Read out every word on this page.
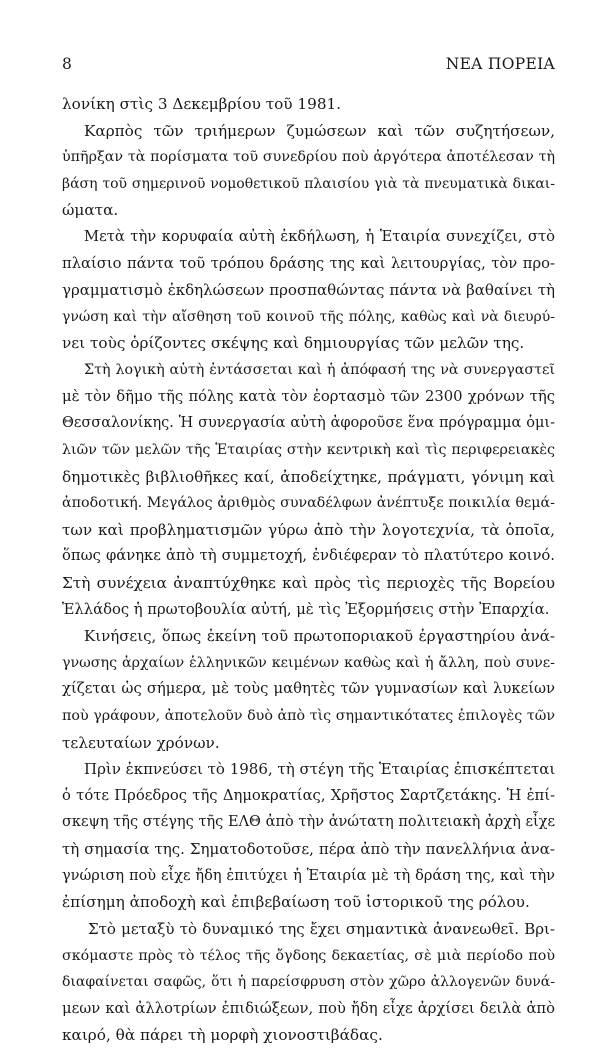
8	ΝΕΑ ΠΟΡΕΙΑ
λονίκη στὶς 3 Δεκεμβρίου τοῦ 1981.
Καρπὸς τῶν τριήμερων ζυμώσεων καὶ τῶν συζητήσεων,
ὑπῆρξαν τὰ πορίσματα τοῦ συνεδρίου ποὺ ἀργότερα ἀποτέλεσαν τὴ
βάση τοῦ σημερινοῦ νομοθετικοῦ πλαισίου γιὰ τὰ πνευματικὰ δικαι-
ώματα.
Μετὰ τὴν κορυφαία αὐτὴ ἐκδήλωση, ἡ Ἑταιρία συνεχίζει, στὸ
πλαίσιο πάντα τοῦ τρόπου δράσης της καὶ λειτουργίας, τὸν προ-
γραμματισμὸ ἐκδηλώσεων προσπαθώντας πάντα νὰ βαθαίνει τὴ
γνώση καὶ τὴν αἴσθηση τοῦ κοινοῦ τῆς πόλης, καθὼς καὶ νὰ διευρύ-
νει τοὺς ὁρίζοντες σκέψης καὶ δημιουργίας τῶν μελῶν της.
Στὴ λογικὴ αὐτὴ ἐντάσσεται καὶ ἡ ἀπόφασή της νὰ συνεργαστεῖ
μὲ τὸν δῆμο τῆς πόλης κατὰ τὸν ἑορτασμὸ τῶν 2300 χρόνων τῆς
Θεσσαλονίκης. Ἡ συνεργασία αὐτὴ ἀφοροῦσε ἕνα πρόγραμμα ὁμι-
λιῶν τῶν μελῶν τῆς Ἑταιρίας στὴν κεντρικὴ καὶ τὶς περιφερειακὲς
δημοτικὲς βιβλιοθῆκες καί, ἀποδείχτηκε, πράγματι, γόνιμη καὶ
ἀποδοτική. Μεγάλος ἀριθμὸς συναδέλφων ἀνέπτυξε ποικιλία θεμά-
των καὶ προβληματισμῶν γύρω ἀπὸ τὴν λογοτεχνία, τὰ ὁποῖα,
ὅπως φάνηκε ἀπὸ τὴ συμμετοχή, ἐνδιέφεραν τὸ πλατύτερο κοινό.
Στὴ συνέχεια ἀναπτύχθηκε καὶ πρὸς τὶς περιοχὲς τῆς Βορείου
Ἑλλάδος ἡ πρωτοβουλία αὐτή, μὲ τὶς Ἐξορμήσεις στὴν Ἐπαρχία.
Κινήσεις, ὅπως ἐκείνη τοῦ πρωτοποριακοῦ ἐργαστηρίου ἀνά-
γνωσης ἀρχαίων ἑλληνικῶν κειμένων καθὼς καὶ ἡ ἄλλη, ποὺ συνε-
χίζεται ὡς σήμερα, μὲ τοὺς μαθητὲς τῶν γυμνασίων καὶ λυκείων
ποὺ γράφουν, ἀποτελοῦν δυὸ ἀπὸ τὶς σημαντικότατες ἐπιλογὲς τῶν
τελευταίων χρόνων.
Πρὶν ἐκπνεύσει τὸ 1986, τὴ στέγη τῆς Ἑταιρίας ἐπισκέπτεται
ὁ τότε Πρόεδρος τῆς Δημοκρατίας, Χρῆστος Σαρτζετάκης. Ἡ ἐπί-
σκεψη τῆς στέγης τῆς ΕΛΘ ἀπὸ τὴν ἀνώτατη πολιτειακὴ ἀρχὴ εἶχε
τὴ σημασία της. Σηματοδοτοῦσε, πέρα ἀπὸ τὴν πανελλήνια ἀνα-
γνώριση ποὺ εἶχε ἤδη ἐπιτύχει ἡ Ἑταιρία μὲ τὴ δράση της, καὶ τὴν
ἐπίσημη ἀποδοχὴ καὶ ἐπιβεβαίωση τοῦ ἱστορικοῦ της ρόλου.
Στὸ μεταξὺ τὸ δυναμικό της ἔχει σημαντικὰ ἀνανεωθεῖ. Βρι-
σκόμαστε πρὸς τὸ τέλος τῆς ὄγδοης δεκαετίας, σὲ μιὰ περίοδο ποὺ
διαφαίνεται σαφῶς, ὅτι ἡ παρείσφρυση στὸν χῶρο ἀλλογενῶν δυνά-
μεων καὶ ἀλλοτρίων ἐπιδιώξεων, ποὺ ἤδη εἶχε ἀρχίσει δειλὰ ἀπὸ
καιρό, θὰ πάρει τὴ μορφὴ χιονοστιβάδας.
